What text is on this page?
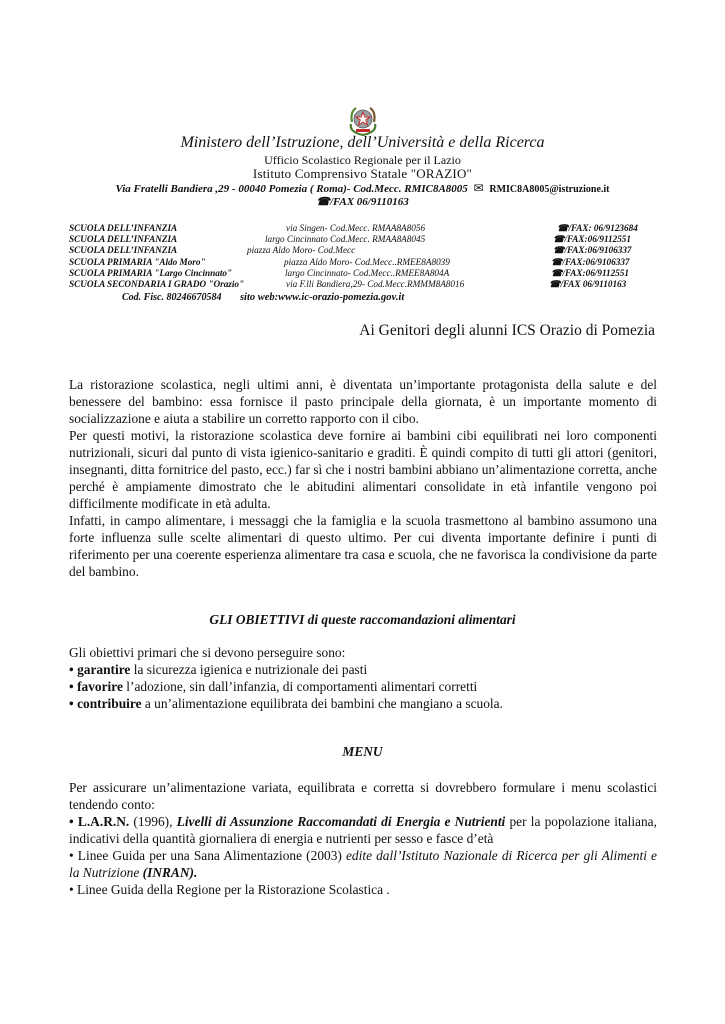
Ministero dell’Istruzione, dell’Università e della Ricerca
Ufficio Scolastico Regionale per il Lazio
Istituto Comprensivo Statale "ORAZIO"
Via Fratelli Bandiera ,29 - 00040 Pomezia ( Roma)- Cod.Mecc. RMIC8A8005 ✉ RMIC8A8005@istruzione.it
☎/FAX 06/9110163
SCUOLA DELL’INFANZIA	via Singen- Cod.Mecc. RMAA8A8056	☎/FAX: 06/9123684
SCUOLA DELL’INFANZIA	largo Cincinnato Cod.Mecc. RMAA8A8045	☎/FAX:06/9112551
SCUOLA DELL’INFANZIA	piazza Aldo Moro- Cod.Mecc	☎/FAX:06/9106337
SCUOLA PRIMARIA "Aldo Moro"	piazza Aldo Moro- Cod.Mecc..RMEE8A8039	☎/FAX:06/9106337
SCUOLA PRIMARIA "Largo Cincinnato"	largo Cincinnato- Cod.Mecc..RMEE8A804A	☎/FAX:06/9112551
SCUOLA SECONDARIA I GRADO "Orazio"	via F.lli Bandiera,29- Cod.Mecc.RMMM8A8016	☎/FAX 06/9110163
Cod. Fisc. 80246670584 sito web:www.ic-orazio-pomezia.gov.it
Ai Genitori degli alunni ICS Orazio di Pomezia

La ristorazione scolastica, negli ultimi anni, è diventata un’importante protagonista della salute e del benessere del bambino: essa fornisce il pasto principale della giornata, è un importante momento di socializzazione e aiuta a stabilire un corretto rapporto con il cibo.

Per questi motivi, la ristorazione scolastica deve fornire ai bambini cibi equilibrati nei loro componenti nutrizionali, sicuri dal punto di vista igienico-sanitario e graditi. È quindi compito di tutti gli attori (genitori, insegnanti, ditta fornitrice del pasto, ecc.) far sì che i nostri bambini abbiano un’alimentazione corretta, anche perché è ampiamente dimostrato che le abitudini alimentari consolidate in età infantile vengono poi difficilmente modificate in età adulta.

Infatti, in campo alimentare, i messaggi che la famiglia e la scuola trasmettono al bambino assumono una forte influenza sulle scelte alimentari di questo ultimo. Per cui diventa importante definire i punti di riferimento per una coerente esperienza alimentare tra casa e scuola, che ne favorisca la condivisione da parte del bambino.

GLI OBIETTIVI di queste raccomandazioni alimentari

Gli obiettivi primari che si devono perseguire sono:

• garantire la sicurezza igienica e nutrizionale dei pasti

• favorire l’adozione, sin dall’infanzia, di comportamenti alimentari corretti

• contribuire a un’alimentazione equilibrata dei bambini che mangiano a scuola.

MENU

Per assicurare un’alimentazione variata, equilibrata e corretta si dovrebbero formulare i menu scolastici tendendo conto:

• L.A.R.N. (1996), Livelli di Assunzione Raccomandati di Energia e Nutrienti per la popolazione italiana, indicativi della quantità giornaliera di energia e nutrienti per sesso e fasce d’età

• Linee Guida per una Sana Alimentazione (2003) edite dall’Istituto Nazionale di Ricerca per gli Alimenti e la Nutrizione (INRAN).

• Linee Guida della Regione per la Ristorazione Scolastica .
